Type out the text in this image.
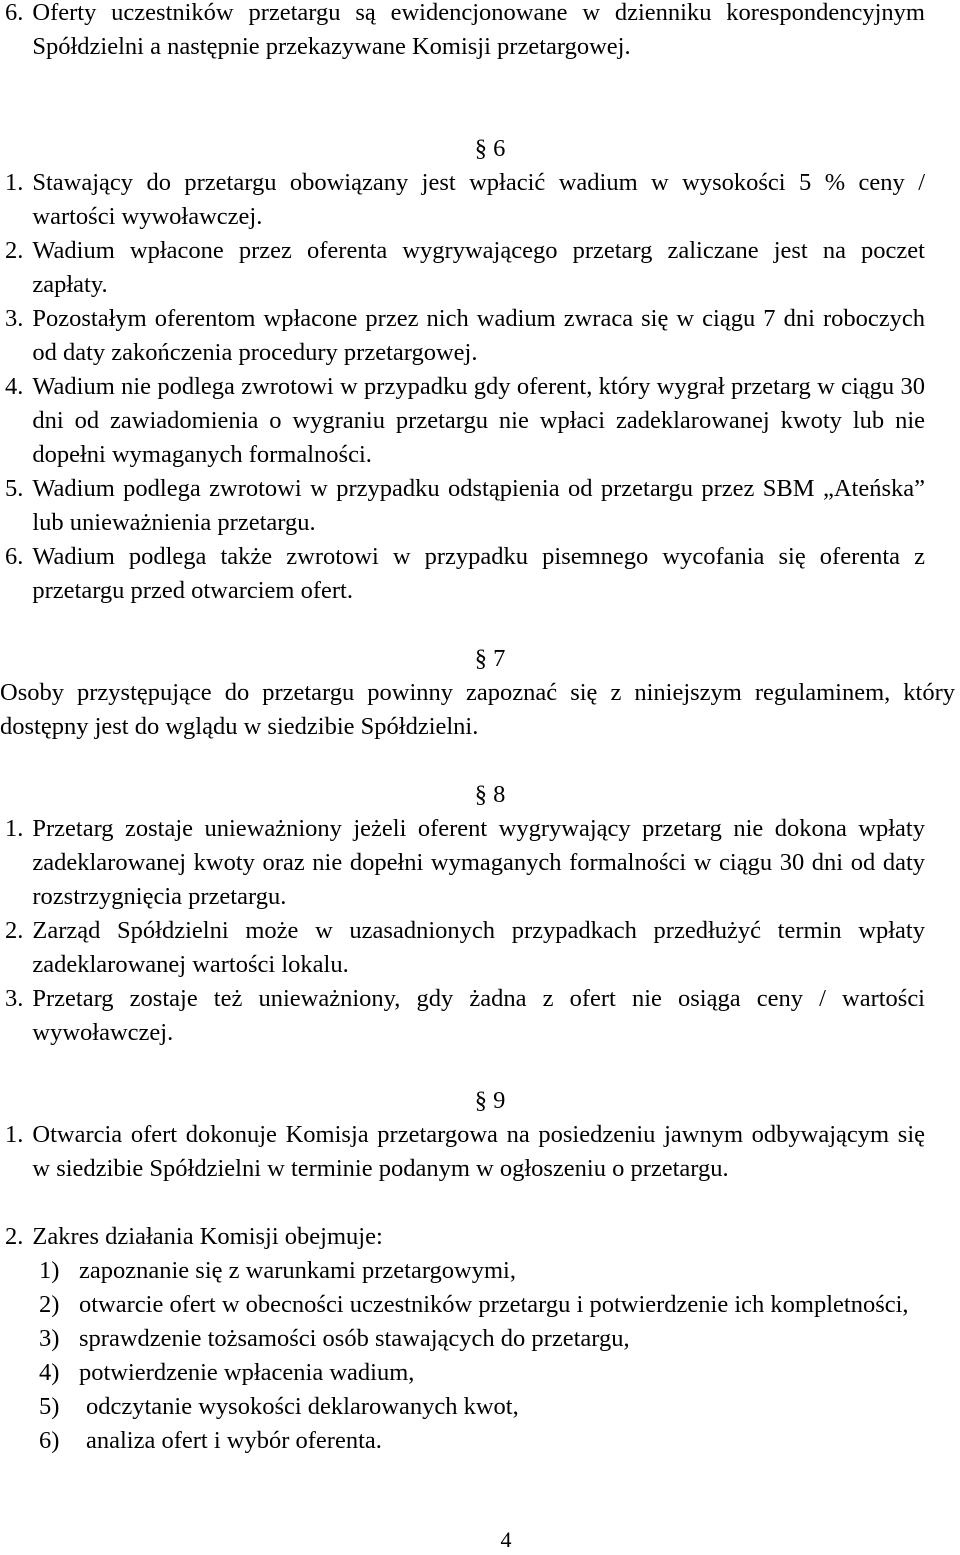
6. Oferty uczestników przetargu są ewidencjonowane w dzienniku korespondencyjnym Spółdzielni a następnie przekazywane Komisji przetargowej.
§ 6
1. Stawający do przetargu obowiązany jest wpłacić wadium w wysokości 5 % ceny / wartości wywoławczej.
2. Wadium wpłacone przez oferenta wygrywającego przetarg zaliczane jest na poczet zapłaty.
3. Pozostałym oferentom wpłacone przez nich wadium zwraca się w ciągu 7 dni roboczych od daty zakończenia procedury przetargowej.
4. Wadium nie podlega zwrotowi w przypadku gdy oferent, który wygrał przetarg w ciągu 30 dni od zawiadomienia o wygraniu przetargu nie wpłaci zadeklarowanej kwoty lub nie dopełni wymaganych formalności.
5. Wadium podlega zwrotowi w przypadku odstąpienia od przetargu przez SBM „Ateńska” lub unieważnienia przetargu.
6. Wadium podlega także zwrotowi w przypadku pisemnego wycofania się oferenta z przetargu przed otwarciem ofert.
§ 7
Osoby przystępujące do przetargu powinny zapoznać się z niniejszym regulaminem, który dostępny jest do wglądu w siedzibie Spółdzielni.
§ 8
1. Przetarg zostaje unieważniony jeżeli oferent wygrywający przetarg nie dokona wpłaty zadeklarowanej kwoty oraz nie dopełni wymaganych formalności w ciągu 30 dni od daty rozstrzygnięcia przetargu.
2. Zarząd Spółdzielni może w uzasadnionych przypadkach przedłużyć termin wpłaty zadeklarowanej wartości lokalu.
3. Przetarg zostaje też unieważniony, gdy żadna z ofert nie osiąga ceny / wartości wywoławczej.
§ 9
1. Otwarcia ofert dokonuje Komisja przetargowa na posiedzeniu jawnym odbywającym się w siedzibie Spółdzielni w terminie podanym w ogłoszeniu o przetargu.
2. Zakres działania Komisji obejmuje:
1) zapoznanie się z warunkami przetargowymi,
2) otwarcie ofert w obecności uczestników przetargu i potwierdzenie ich kompletności,
3) sprawdzenie tożsamości osób stawających do przetargu,
4) potwierdzenie wpłacenia wadium,
5)	odczytanie wysokości deklarowanych kwot,
6)	analiza ofert i wybór oferenta.
4
